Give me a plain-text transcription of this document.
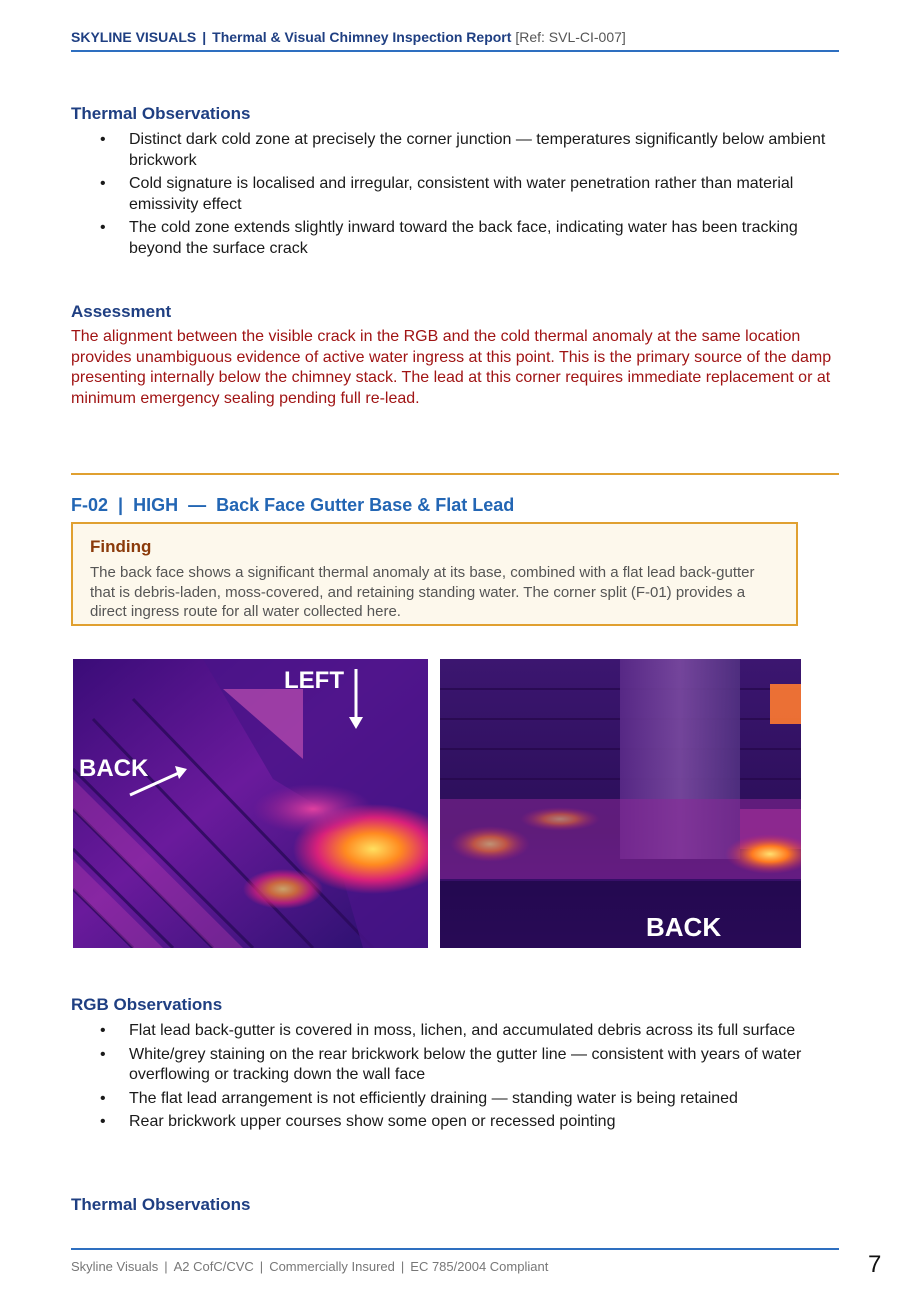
SKYLINE VISUALS | Thermal & Visual Chimney Inspection Report [Ref: SVL-CI-007]
Thermal Observations
• Distinct dark cold zone at precisely the corner junction — temperatures significantly below ambient brickwork
• Cold signature is localised and irregular, consistent with water penetration rather than material emissivity effect
• The cold zone extends slightly inward toward the back face, indicating water has been tracking beyond the surface crack
Assessment
The alignment between the visible crack in the RGB and the cold thermal anomaly at the same location provides unambiguous evidence of active water ingress at this point. This is the primary source of the damp presenting internally below the chimney stack. The lead at this corner requires immediate replacement or at minimum emergency sealing pending full re-lead.
F-02 | HIGH — Back Face Gutter Base & Flat Lead
Finding
The back face shows a significant thermal anomaly at its base, combined with a flat lead back-gutter that is debris-laden, moss-covered, and retaining standing water. The corner split (F-01) provides a direct ingress route for all water collected here.
LEFT
BACK
BACK
RGB Observations
• Flat lead back-gutter is covered in moss, lichen, and accumulated debris across its full surface
• White/grey staining on the rear brickwork below the gutter line — consistent with years of water overflowing or tracking down the wall face
• The flat lead arrangement is not efficiently draining — standing water is being retained
• Rear brickwork upper courses show some open or recessed pointing
Thermal Observations
Skyline Visuals | A2 CofC/CVC | Commercially Insured | EC 785/2004 Compliant	7
